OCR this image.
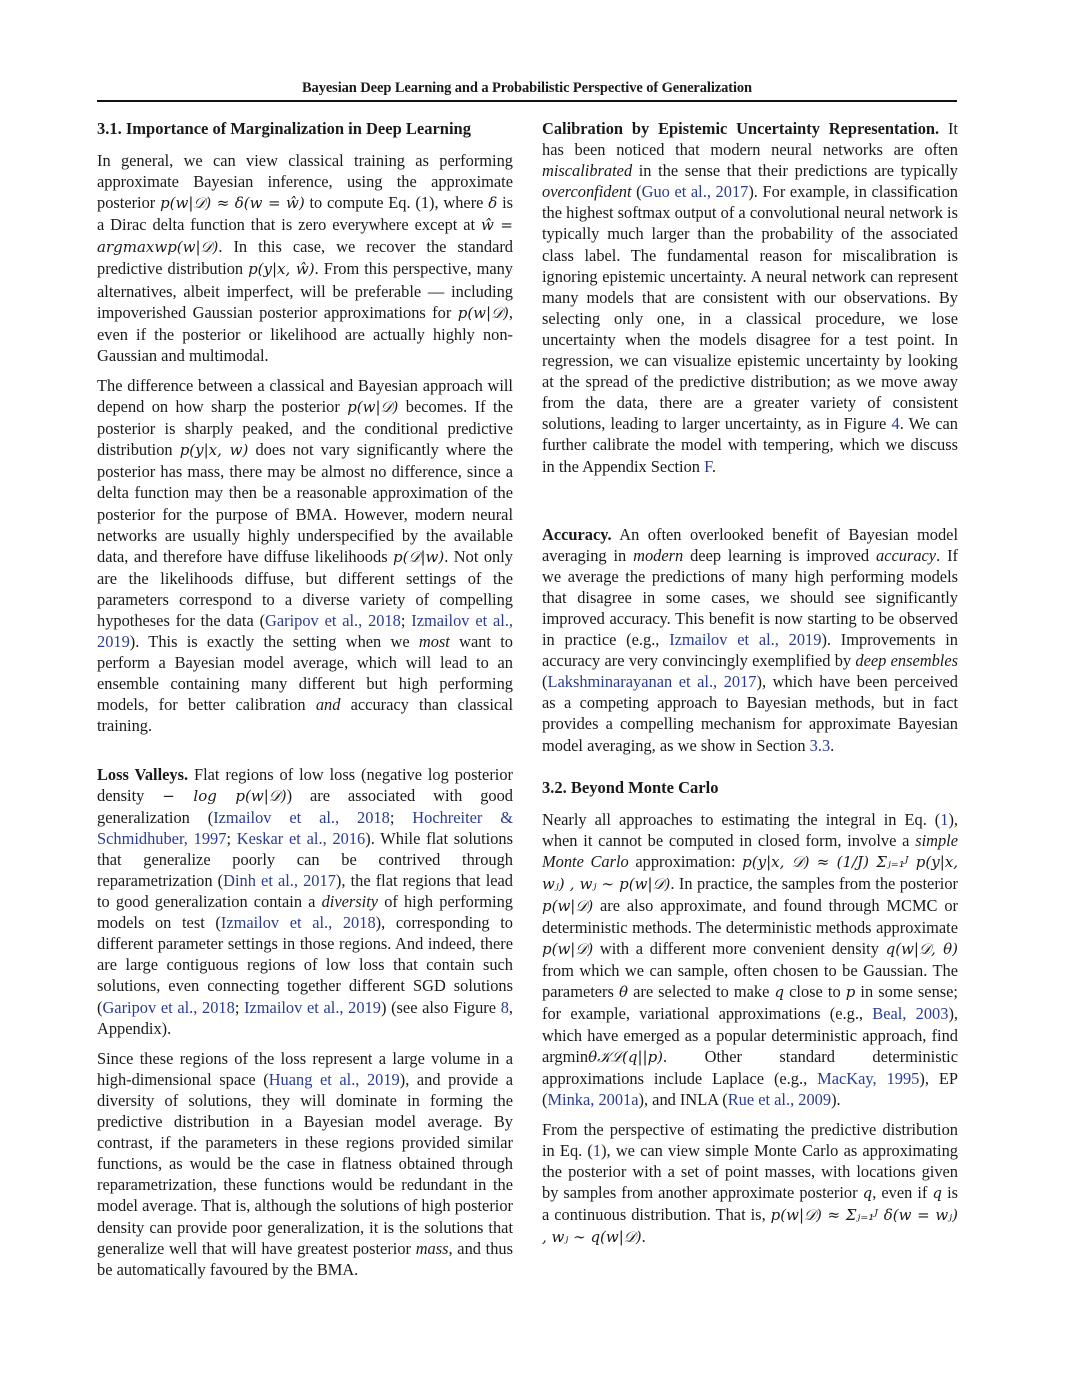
Bayesian Deep Learning and a Probabilistic Perspective of Generalization
3.1. Importance of Marginalization in Deep Learning

In general, we can view classical training as performing approximate Bayesian inference, using the approximate posterior p(w|𝒟) ≈ δ(w = ŵ) to compute Eq. (1), where δ is a Dirac delta function that is zero everywhere except at ŵ = argmaxwp(w|𝒟). In this case, we recover the standard predictive distribution p(y|x, ŵ). From this perspective, many alternatives, albeit imperfect, will be preferable — including impoverished Gaussian posterior approximations for p(w|𝒟), even if the posterior or likelihood are actually highly non-Gaussian and multimodal.

The difference between a classical and Bayesian approach will depend on how sharp the posterior p(w|𝒟) becomes. If the posterior is sharply peaked, and the conditional predictive distribution p(y|x, w) does not vary significantly where the posterior has mass, there may be almost no difference, since a delta function may then be a reasonable approximation of the posterior for the purpose of BMA. However, modern neural networks are usually highly underspecified by the available data, and therefore have diffuse likelihoods p(𝒟|w). Not only are the likelihoods diffuse, but different settings of the parameters correspond to a diverse variety of compelling hypotheses for the data (Garipov et al., 2018; Izmailov et al., 2019). This is exactly the setting when we most want to perform a Bayesian model average, which will lead to an ensemble containing many different but high performing models, for better calibration and accuracy than classical training.

Loss Valleys. Flat regions of low loss (negative log posterior density − log p(w|𝒟)) are associated with good generalization (Izmailov et al., 2018; Hochreiter & Schmidhuber, 1997; Keskar et al., 2016). While flat solutions that generalize poorly can be contrived through reparametrization (Dinh et al., 2017), the flat regions that lead to good generalization contain a diversity of high performing models on test (Izmailov et al., 2018), corresponding to different parameter settings in those regions. And indeed, there are large contiguous regions of low loss that contain such solutions, even connecting together different SGD solutions (Garipov et al., 2018; Izmailov et al., 2019) (see also Figure 8, Appendix).

Since these regions of the loss represent a large volume in a high-dimensional space (Huang et al., 2019), and provide a diversity of solutions, they will dominate in forming the predictive distribution in a Bayesian model average. By contrast, if the parameters in these regions provided similar functions, as would be the case in flatness obtained through reparametrization, these functions would be redundant in the model average. That is, although the solutions of high posterior density can provide poor generalization, it is the solutions that generalize well that will have greatest posterior mass, and thus be automatically favoured by the BMA.

Calibration by Epistemic Uncertainty Representation. It has been noticed that modern neural networks are often miscalibrated in the sense that their predictions are typically overconfident (Guo et al., 2017). For example, in classification the highest softmax output of a convolutional neural network is typically much larger than the probability of the associated class label. The fundamental reason for miscalibration is ignoring epistemic uncertainty. A neural network can represent many models that are consistent with our observations. By selecting only one, in a classical procedure, we lose uncertainty when the models disagree for a test point. In regression, we can visualize epistemic uncertainty by looking at the spread of the predictive distribution; as we move away from the data, there are a greater variety of consistent solutions, leading to larger uncertainty, as in Figure 4. We can further calibrate the model with tempering, which we discuss in the Appendix Section F.

Accuracy. An often overlooked benefit of Bayesian model averaging in modern deep learning is improved accuracy. If we average the predictions of many high performing models that disagree in some cases, we should see significantly improved accuracy. This benefit is now starting to be observed in practice (e.g., Izmailov et al., 2019). Improvements in accuracy are very convincingly exemplified by deep ensembles (Lakshminarayanan et al., 2017), which have been perceived as a competing approach to Bayesian methods, but in fact provides a compelling mechanism for approximate Bayesian model averaging, as we show in Section 3.3.

3.2. Beyond Monte Carlo

Nearly all approaches to estimating the integral in Eq. (1), when it cannot be computed in closed form, involve a simple Monte Carlo approximation: p(y|x, 𝒟) ≈ (1/J) Σⱼ₌₁ᴶ p(y|x, wⱼ) , wⱼ ∼ p(w|𝒟). In practice, the samples from the posterior p(w|𝒟) are also approximate, and found through MCMC or deterministic methods. The deterministic methods approximate p(w|𝒟) with a different more convenient density q(w|𝒟, θ) from which we can sample, often chosen to be Gaussian. The parameters θ are selected to make q close to p in some sense; for example, variational approximations (e.g., Beal, 2003), which have emerged as a popular deterministic approach, find argminθ𝒦ℒ(q||p). Other standard deterministic approximations include Laplace (e.g., MacKay, 1995), EP (Minka, 2001a), and INLA (Rue et al., 2009).

From the perspective of estimating the predictive distribution in Eq. (1), we can view simple Monte Carlo as approximating the posterior with a set of point masses, with locations given by samples from another approximate posterior q, even if q is a continuous distribution. That is, p(w|𝒟) ≈ Σⱼ₌₁ᴶ δ(w = wⱼ) , wⱼ ∼ q(w|𝒟).
